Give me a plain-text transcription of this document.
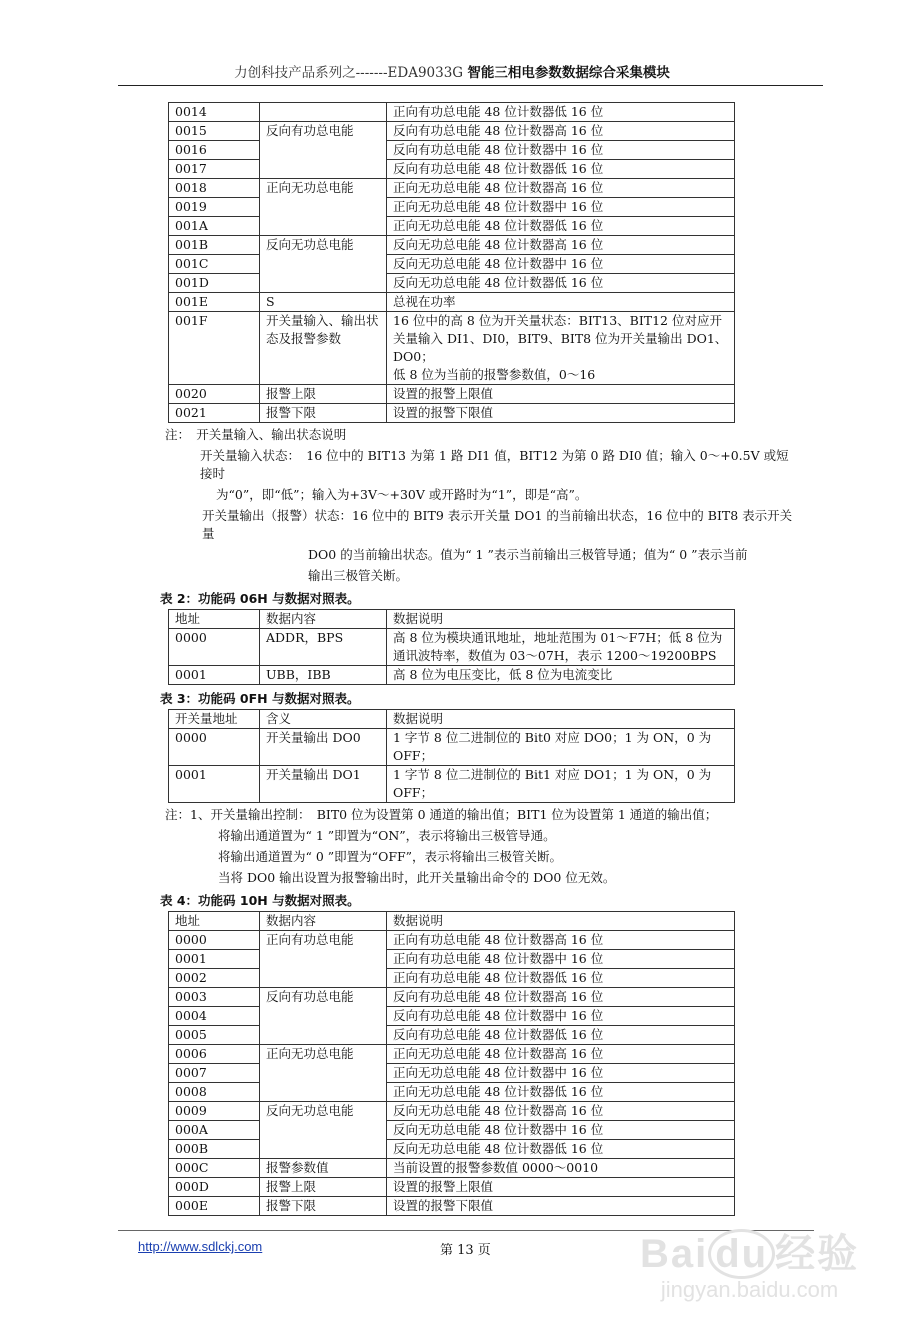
力创科技产品系列之-------EDA9033G 智能三相电参数数据综合采集模块
0014		正向有功总电能 48 位计数器低 16 位
0015	反向有功总电能	反向有功总电能 48 位计数器高 16 位
0016		反向有功总电能 48 位计数器中 16 位
0017		反向有功总电能 48 位计数器低 16 位
0018	正向无功总电能	正向无功总电能 48 位计数器高 16 位
0019		正向无功总电能 48 位计数器中 16 位
001A		正向无功总电能 48 位计数器低 16 位
001B	反向无功总电能	反向无功总电能 48 位计数器高 16 位
001C		反向无功总电能 48 位计数器中 16 位
001D		反向无功总电能 48 位计数器低 16 位
001E	S	总视在功率
001F	开关量输入、输出状态及报警参数	16 位中的高 8 位为开关量状态：BIT13、BIT12 位对应开关量输入 DI1、DI0，BIT9、BIT8 位为开关量输出 DO1、DO0；
低 8 位为当前的报警参数值，0～16
0020	报警上限	设置的报警上限值
0021	报警下限	设置的报警下限值
注：　开关量输入、输出状态说明
开关量输入状态：　16 位中的 BIT13 为第 1 路 DI1 值，BIT12 为第 0 路 DI0 值；输入 0～+0.5V 或短接时
为“0”，即“低”；输入为+3V～+30V 或开路时为“1”，即是“高”。
开关量输出（报警）状态：16 位中的 BIT9 表示开关量 DO1 的当前输出状态，16 位中的 BIT8 表示开关量
DO0 的当前输出状态。值为“ 1 ”表示当前输出三极管导通；值为“ 0 ”表示当前
输出三极管关断。
表 2：功能码 06H 与数据对照表。
地址	数据内容	数据说明
0000	ADDR，BPS	高 8 位为模块通讯地址，地址范围为 01～F7H；低 8 位为通讯波特率，数值为 03～07H，表示 1200～19200BPS
0001	UBB，IBB	高 8 位为电压变比，低 8 位为电流变比
表 3：功能码 0FH 与数据对照表。
开关量地址	含义	数据说明
0000	开关量输出 DO0	1 字节 8 位二进制位的 Bit0 对应 DO0；1 为 ON，0 为 OFF；
0001	开关量输出 DO1	1 字节 8 位二进制位的 Bit1 对应 DO1；1 为 ON，0 为 OFF；
注：1、开关量输出控制：　BIT0 位为设置第 0 通道的输出值；BIT1 位为设置第 1 通道的输出值；
将输出通道置为“ 1 ”即置为“ON”，表示将输出三极管导通。
将输出通道置为“ 0 ”即置为“OFF”，表示将输出三极管关断。
当将 DO0 输出设置为报警输出时，此开关量输出命令的 DO0 位无效。
表 4：功能码 10H 与数据对照表。
地址	数据内容	数据说明
0000	正向有功总电能	正向有功总电能 48 位计数器高 16 位
0001		正向有功总电能 48 位计数器中 16 位
0002		正向有功总电能 48 位计数器低 16 位
0003	反向有功总电能	反向有功总电能 48 位计数器高 16 位
0004		反向有功总电能 48 位计数器中 16 位
0005		反向有功总电能 48 位计数器低 16 位
0006	正向无功总电能	正向无功总电能 48 位计数器高 16 位
0007		正向无功总电能 48 位计数器中 16 位
0008		正向无功总电能 48 位计数器低 16 位
0009	反向无功总电能	反向无功总电能 48 位计数器高 16 位
000A		反向无功总电能 48 位计数器中 16 位
000B		反向无功总电能 48 位计数器低 16 位
000C	报警参数值	当前设置的报警参数值 0000～0010
000D	报警上限	设置的报警上限值
000E	报警下限	设置的报警下限值
http://www.sdlckj.com	第 13 页	Bai du 经验
jingyan.baidu.com
